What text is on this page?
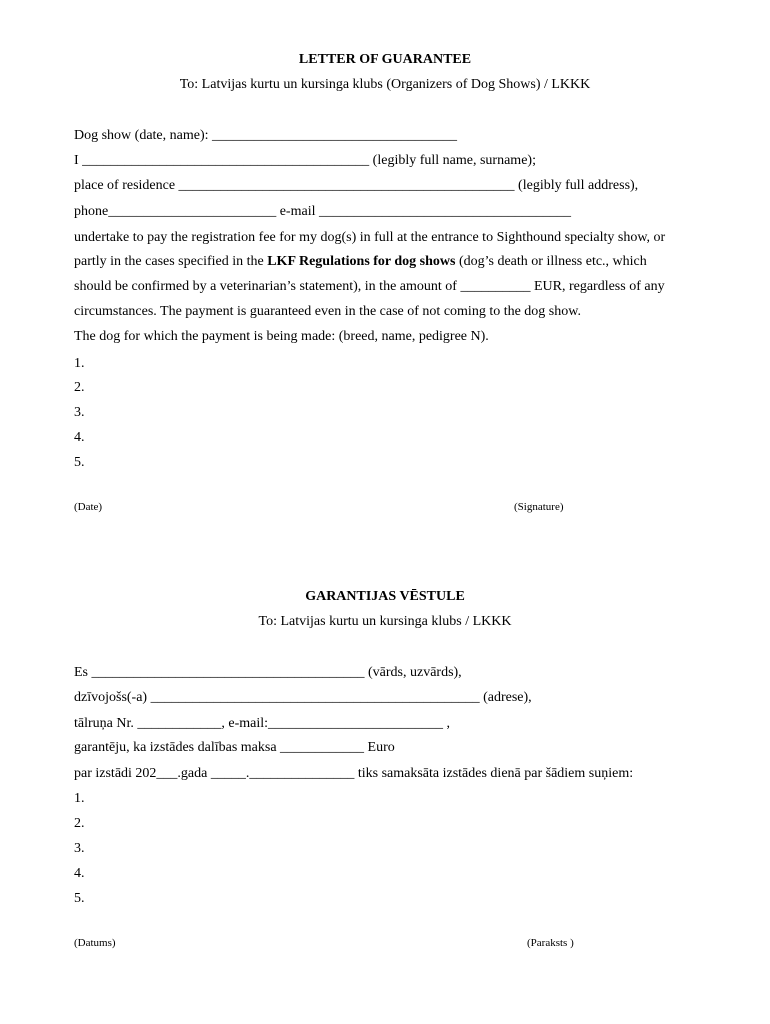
LETTER OF GUARANTEE
To: Latvijas kurtu un kursinga klubs (Organizers of Dog Shows) / LKKK
Dog show (date, name): ___________________________________
I _________________________________________ (legibly full name, surname);
place of residence ________________________________________________ (legibly full address),
phone________________________ e-mail ____________________________________
undertake to pay the registration fee for my dog(s) in full at the entrance to Sighthound specialty show, or
partly in the cases specified in the LKF Regulations for dog shows (dog’s death or illness etc., which
should be confirmed by a veterinarian’s statement), in the amount of __________ EUR, regardless of any
circumstances. The payment is guaranteed even in the case of not coming to the dog show.
The dog for which the payment is being made: (breed, name, pedigree N).
1.
2.
3.
4.
5.
(Date)	(Signature)
GARANTIJAS VĒSTULE
To: Latvijas kurtu un kursinga klubs / LKKK
Es _______________________________________ (vārds, uzvārds),
dzīvojošs(-a) _______________________________________________ (adrese),
tālruņa Nr. ____________, e-mail:_________________________ ,
garantēju, ka izstādes dalības maksa ____________ Euro
par izstādi 202___.gada _____._______________ tiks samaksāta izstādes dienā par šādiem suņiem:
1.
2.
3.
4.
5.
(Datums)	(Paraksts )
